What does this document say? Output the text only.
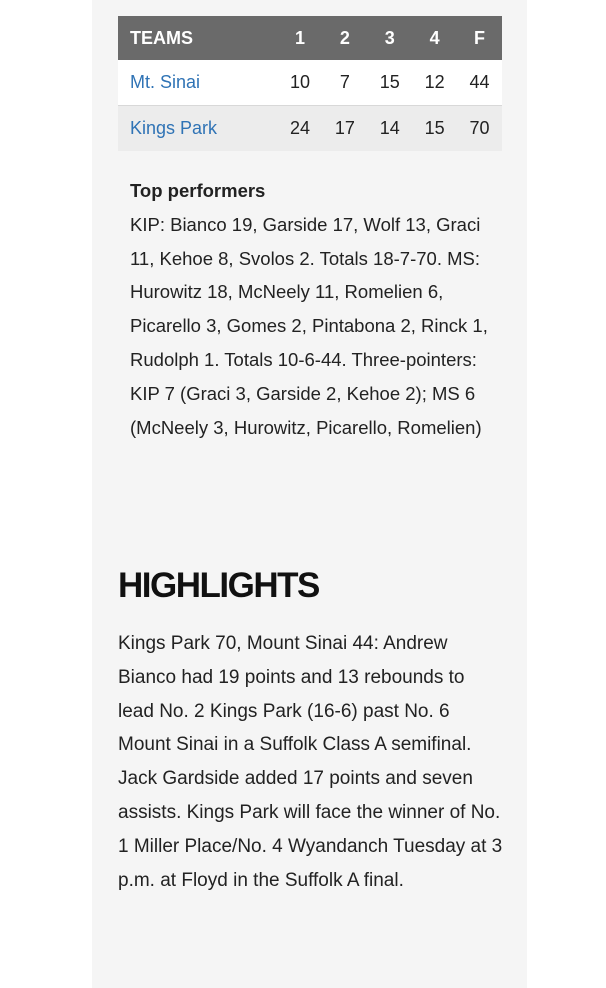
TEAMS	1	2	3	4	F
Mt. Sinai	10	7	15	12	44
Kings Park	24	17	14	15	70
Top performers
KIP: Bianco 19, Garside 17, Wolf 13, Graci 11, Kehoe 8, Svolos 2. Totals 18-7-70. MS: Hurowitz 18, McNeely 11, Romelien 6, Picarello 3, Gomes 2, Pintabona 2, Rinck 1, Rudolph 1. Totals 10-6-44. Three-pointers: KIP 7 (Graci 3, Garside 2, Kehoe 2); MS 6 (McNeely 3, Hurowitz, Picarello, Romelien)
HIGHLIGHTS

Kings Park 70, Mount Sinai 44: Andrew Bianco had 19 points and 13 rebounds to lead No. 2 Kings Park (16-6) past No. 6 Mount Sinai in a Suffolk Class A semifinal. Jack Gardside added 17 points and seven assists. Kings Park will face the winner of No. 1 Miller Place/No. 4 Wyandanch Tuesday at 3 p.m. at Floyd in the Suffolk A final.
